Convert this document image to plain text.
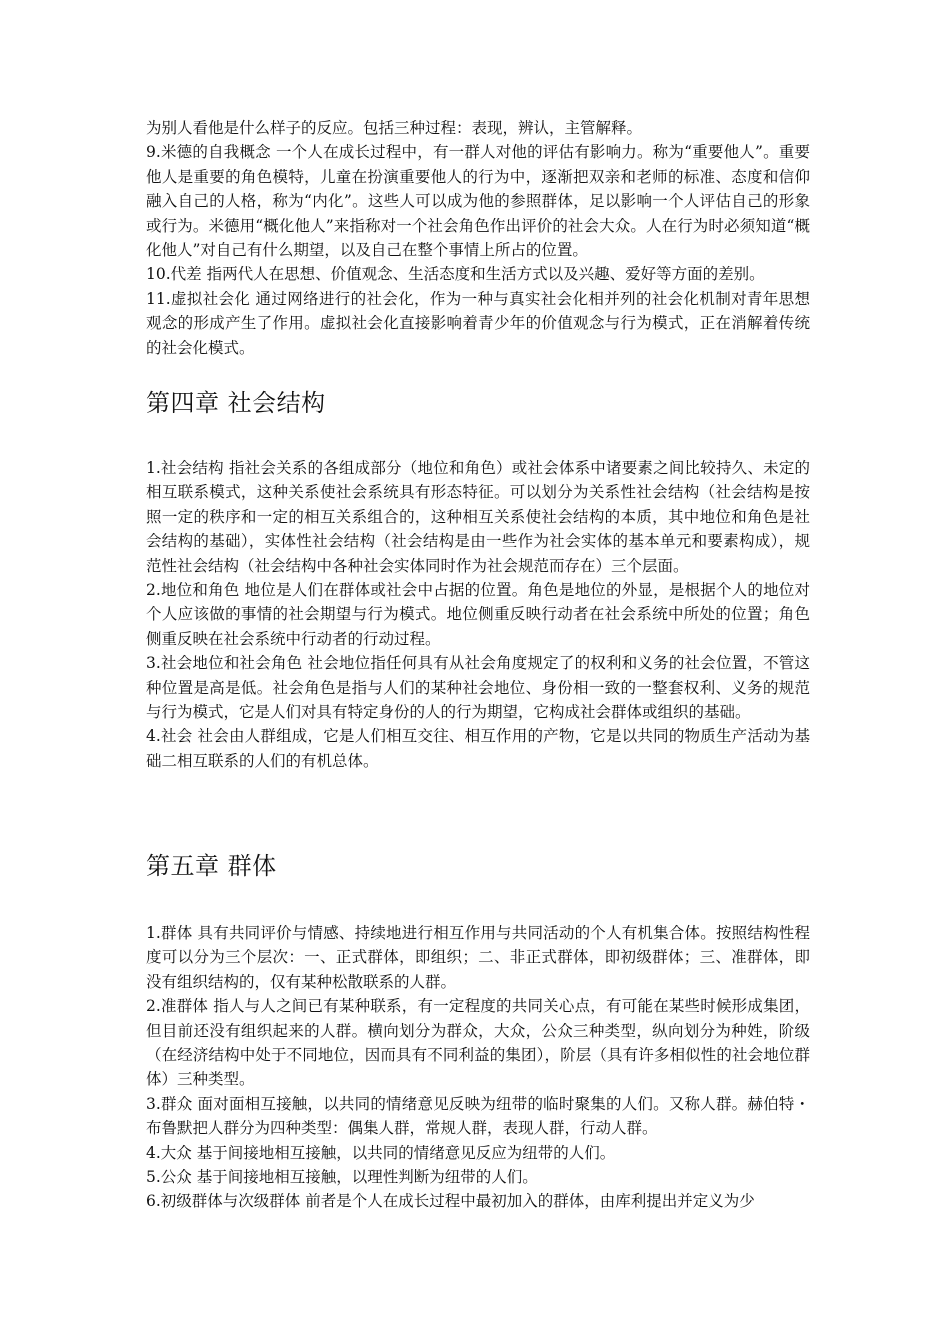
为别人看他是什么样子的反应。包括三种过程：表现，辨认，主管解释。

9.米德的自我概念 一个人在成长过程中，有一群人对他的评估有影响力。称为“重要他人”。重要他人是重要的角色模特，儿童在扮演重要他人的行为中，逐渐把双亲和老师的标准、态度和信仰融入自己的人格，称为“内化”。这些人可以成为他的参照群体，足以影响一个人评估自己的形象或行为。米德用“概化他人”来指称对一个社会角色作出评价的社会大众。人在行为时必须知道“概化他人”对自己有什么期望，以及自己在整个事情上所占的位置。

10.代差 指两代人在思想、价值观念、生活态度和生活方式以及兴趣、爱好等方面的差别。

11.虚拟社会化 通过网络进行的社会化，作为一种与真实社会化相并列的社会化机制对青年思想观念的形成产生了作用。虚拟社会化直接影响着青少年的价值观念与行为模式，正在消解着传统的社会化模式。

第四章 社会结构

1.社会结构 指社会关系的各组成部分（地位和角色）或社会体系中诸要素之间比较持久、未定的相互联系模式，这种关系使社会系统具有形态特征。可以划分为关系性社会结构（社会结构是按照一定的秩序和一定的相互关系组合的，这种相互关系使社会结构的本质，其中地位和角色是社会结构的基础），实体性社会结构（社会结构是由一些作为社会实体的基本单元和要素构成），规范性社会结构（社会结构中各种社会实体同时作为社会规范而存在）三个层面。

2.地位和角色 地位是人们在群体或社会中占据的位置。角色是地位的外显，是根据个人的地位对个人应该做的事情的社会期望与行为模式。地位侧重反映行动者在社会系统中所处的位置；角色侧重反映在社会系统中行动者的行动过程。

3.社会地位和社会角色 社会地位指任何具有从社会角度规定了的权利和义务的社会位置，不管这种位置是高是低。社会角色是指与人们的某种社会地位、身份相一致的一整套权利、义务的规范与行为模式，它是人们对具有特定身份的人的行为期望，它构成社会群体或组织的基础。

4.社会 社会由人群组成，它是人们相互交往、相互作用的产物，它是以共同的物质生产活动为基础二相互联系的人们的有机总体。

第五章 群体

1.群体 具有共同评价与情感、持续地进行相互作用与共同活动的个人有机集合体。按照结构性程度可以分为三个层次：一、正式群体，即组织；二、非正式群体，即初级群体；三、准群体，即没有组织结构的，仅有某种松散联系的人群。

2.准群体 指人与人之间已有某种联系，有一定程度的共同关心点，有可能在某些时候形成集团，但目前还没有组织起来的人群。横向划分为群众，大众，公众三种类型，纵向划分为种姓，阶级（在经济结构中处于不同地位，因而具有不同利益的集团），阶层（具有许多相似性的社会地位群体）三种类型。

3.群众 面对面相互接触，以共同的情绪意见反映为纽带的临时聚集的人们。又称人群。赫伯特・布鲁默把人群分为四种类型：偶集人群，常规人群，表现人群，行动人群。

4.大众 基于间接地相互接触，以共同的情绪意见反应为纽带的人们。

5.公众 基于间接地相互接触，以理性判断为纽带的人们。

6.初级群体与次级群体 前者是个人在成长过程中最初加入的群体，由库利提出并定义为少
